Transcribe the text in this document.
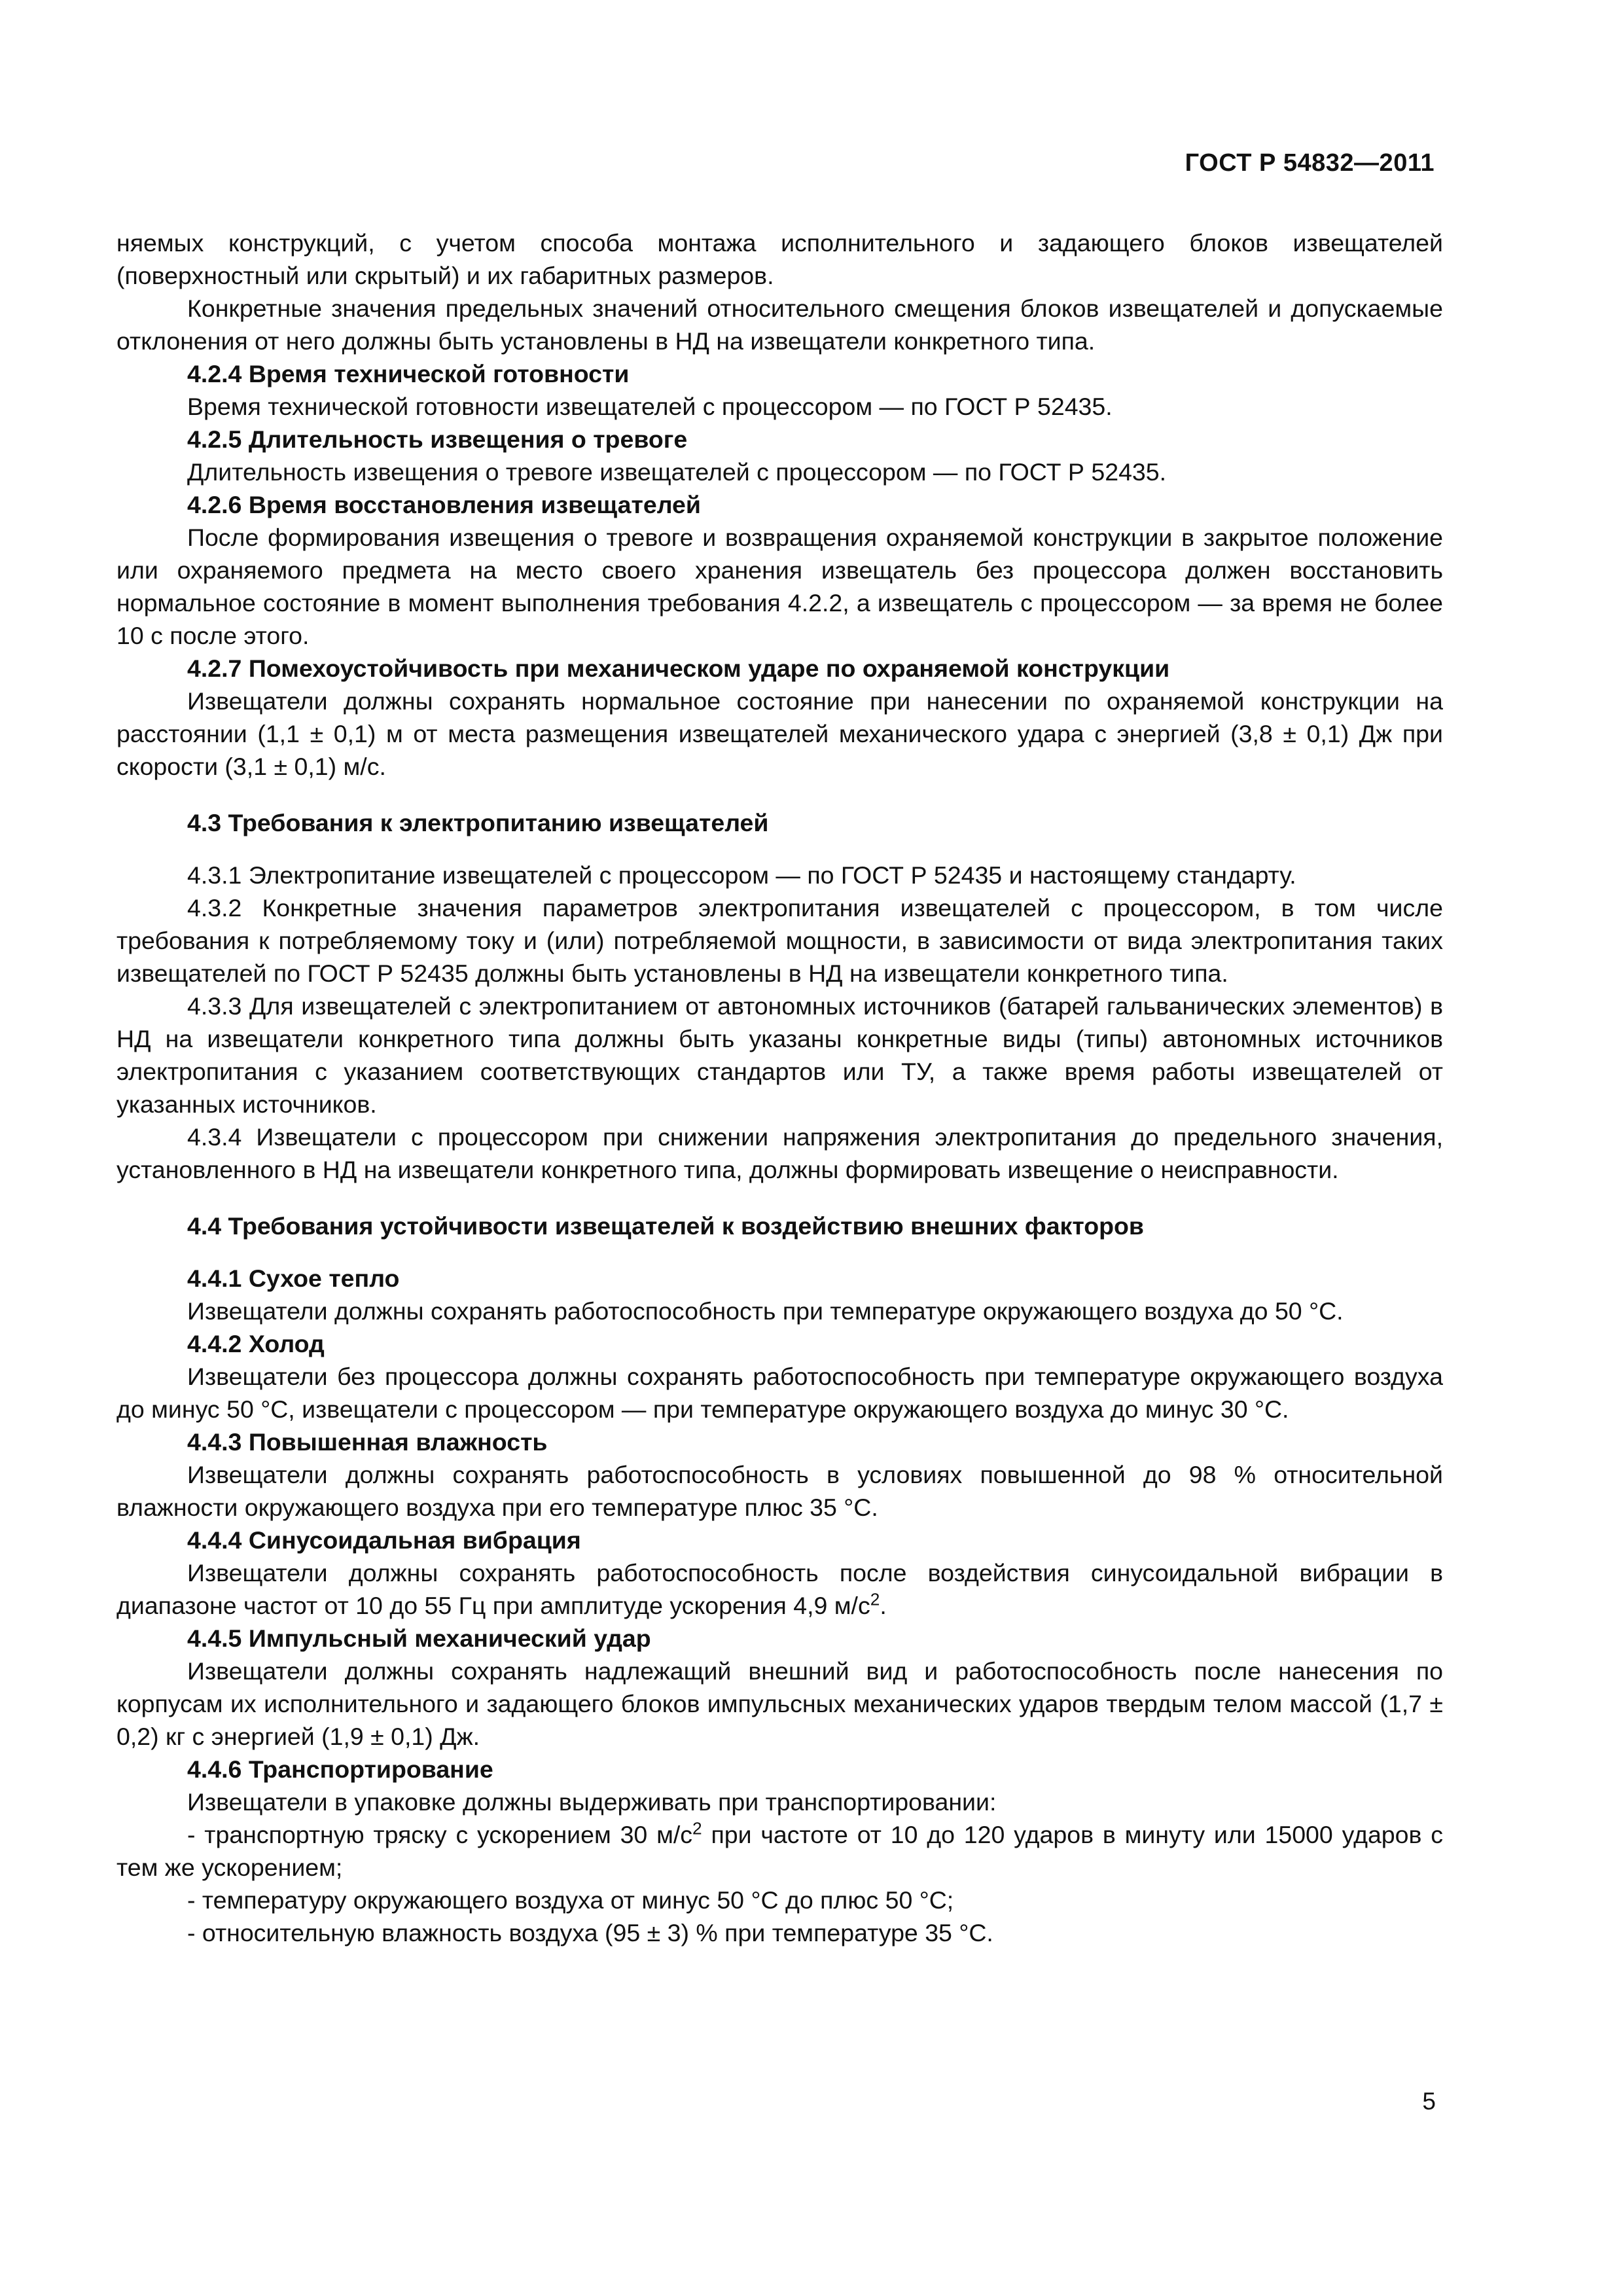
ГОСТ Р 54832—2011
няемых конструкций, с учетом способа монтажа исполнительного и задающего блоков извещателей (поверхностный или скрытый) и их габаритных размеров.
Конкретные значения предельных значений относительного смещения блоков извещателей и допускаемые отклонения от него должны быть установлены в НД на извещатели конкретного типа.
4.2.4 Время технической готовности
Время технической готовности извещателей с процессором — по ГОСТ Р 52435.
4.2.5 Длительность извещения о тревоге
Длительность извещения о тревоге извещателей с процессором — по ГОСТ Р 52435.
4.2.6 Время восстановления извещателей
После формирования извещения о тревоге и возвращения охраняемой конструкции в закрытое положение или охраняемого предмета на место своего хранения извещатель без процессора должен восстановить нормальное состояние в момент выполнения требования 4.2.2, а извещатель с процессором — за время не более 10 с после этого.
4.2.7 Помехоустойчивость при механическом ударе по охраняемой конструкции
Извещатели должны сохранять нормальное состояние при нанесении по охраняемой конструкции на расстоянии (1,1 ± 0,1) м от места размещения извещателей механического удара с энергией (3,8 ± 0,1) Дж при скорости (3,1 ± 0,1) м/с.
4.3 Требования к электропитанию извещателей
4.3.1 Электропитание извещателей с процессором — по ГОСТ Р 52435 и настоящему стандарту.
4.3.2 Конкретные значения параметров электропитания извещателей с процессором, в том числе требования к потребляемому току и (или) потребляемой мощности, в зависимости от вида электропитания таких извещателей по ГОСТ Р 52435 должны быть установлены в НД на извещатели конкретного типа.
4.3.3 Для извещателей с электропитанием от автономных источников (батарей гальванических элементов) в НД на извещатели конкретного типа должны быть указаны конкретные виды (типы) автономных источников электропитания с указанием соответствующих стандартов или ТУ, а также время работы извещателей от указанных источников.
4.3.4 Извещатели с процессором при снижении напряжения электропитания до предельного значения, установленного в НД на извещатели конкретного типа, должны формировать извещение о неисправности.
4.4 Требования устойчивости извещателей к воздействию внешних факторов
4.4.1 Сухое тепло
Извещатели должны сохранять работоспособность при температуре окружающего воздуха до 50 °С.
4.4.2 Холод
Извещатели без процессора должны сохранять работоспособность при температуре окружающего воздуха до минус 50 °С, извещатели с процессором — при температуре окружающего воздуха до минус 30 °С.
4.4.3 Повышенная влажность
Извещатели должны сохранять работоспособность в условиях повышенной до 98 % относительной влажности окружающего воздуха при его температуре плюс 35 °С.
4.4.4 Синусоидальная вибрация
Извещатели должны сохранять работоспособность после воздействия синусоидальной вибрации в диапазоне частот от 10 до 55 Гц при амплитуде ускорения 4,9 $м/с^2$.
4.4.5 Импульсный механический удар
Извещатели должны сохранять надлежащий внешний вид и работоспособность после нанесения по корпусам их исполнительного и задающего блоков импульсных механических ударов твердым телом массой (1,7 ± 0,2) кг с энергией (1,9 ± 0,1) Дж.
4.4.6 Транспортирование
Извещатели в упаковке должны выдерживать при транспортировании:
- транспортную тряску с ускорением 30 $м/с^2$ при частоте от 10 до 120 ударов в минуту или 15000 ударов с тем же ускорением;
- температуру окружающего воздуха от минус 50 °С до плюс 50 °С;
- относительную влажность воздуха (95 ± 3) % при температуре 35 °С.
5
